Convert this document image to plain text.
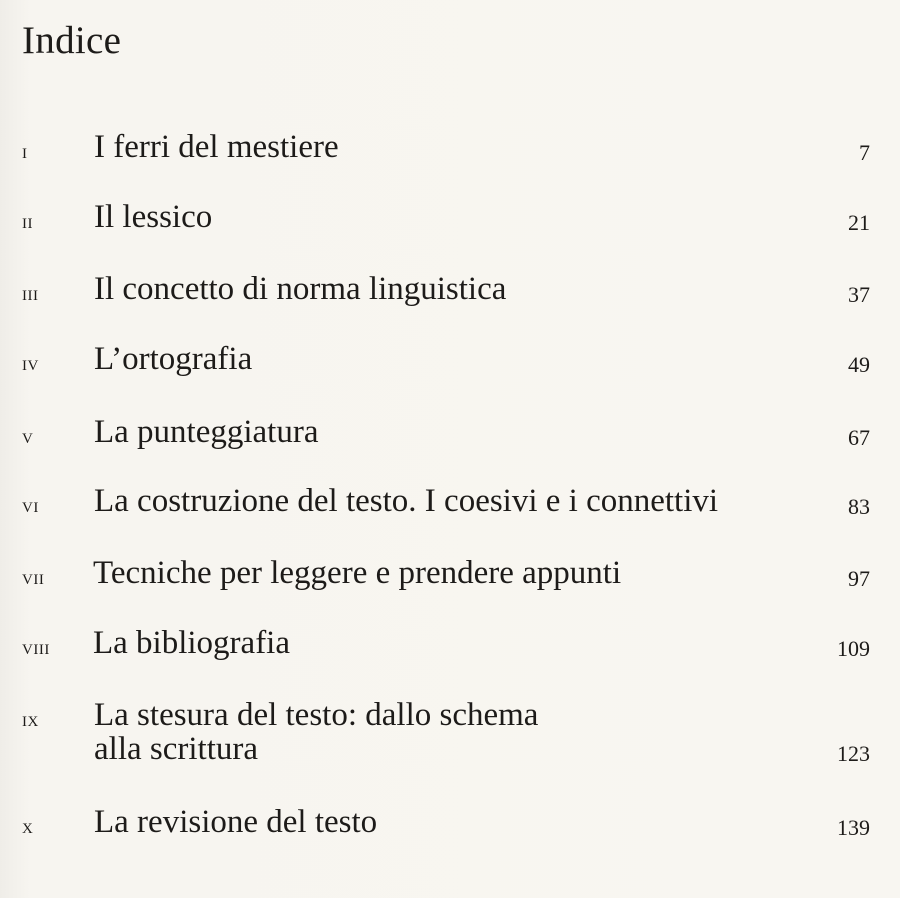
Indice
i I ferri del mestiere	7
ii Il lessico	21
iii Il concetto di norma linguistica	37
iv L’ortografia	49
v La punteggiatura	67
vi La costruzione del testo. I coesivi e i connettivi	83
vii Tecniche per leggere e prendere appunti	97
viii La bibliografia	109
ix La stesura del testo: dallo schema
alla scrittura	123
x La revisione del testo	139
